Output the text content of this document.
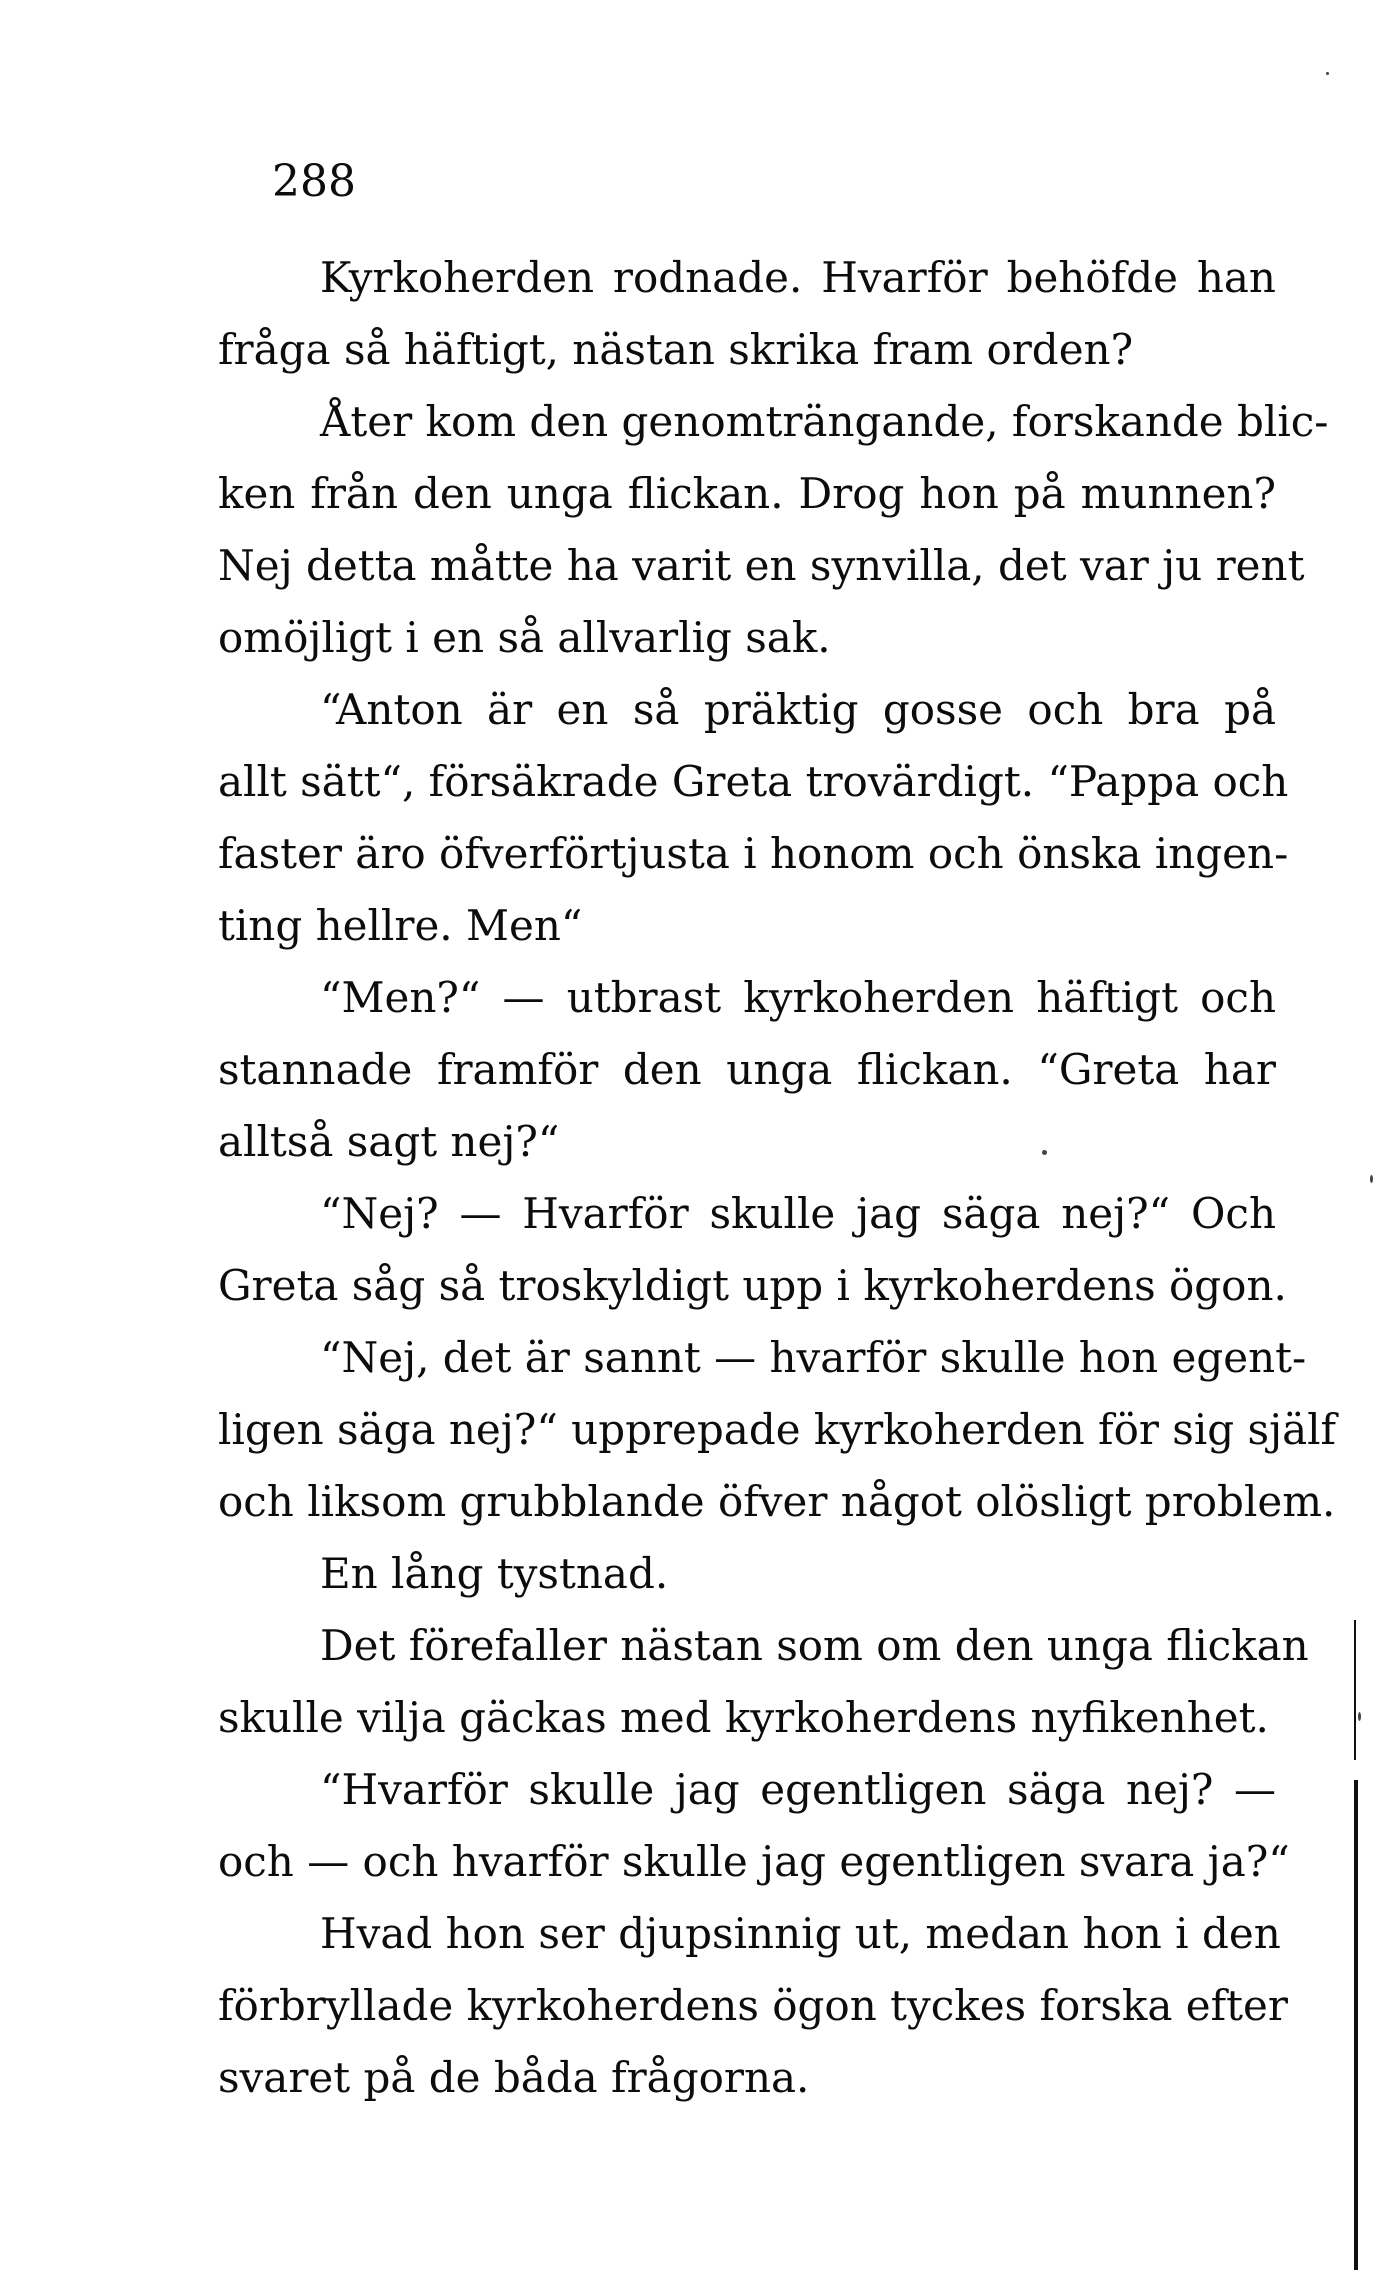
288
Kyrkoherden rodnade. Hvarför behöfde han
fråga så häftigt, nästan skrika fram orden?
Åter kom den genomträngande, forskande blic-
ken från den unga flickan. Drog hon på munnen?
Nej detta måtte ha varit en synvilla, det var ju rent
omöjligt i en så allvarlig sak.
“Anton är en så präktig gosse och bra på
allt sätt“, försäkrade Greta trovärdigt. “Pappa och
faster äro öfverförtjusta i honom och önska ingen-
ting hellre. Men“
“Men?“ — utbrast kyrkoherden häftigt och
stannade framför den unga flickan. “Greta har
alltså sagt nej?“
“Nej? — Hvarför skulle jag säga nej?“ Och
Greta såg så troskyldigt upp i kyrkoherdens ögon.
“Nej, det är sannt — hvarför skulle hon egent-
ligen säga nej?“ upprepade kyrkoherden för sig själf
och liksom grubblande öfver något olösligt problem.
En lång tystnad.
Det förefaller nästan som om den unga flickan
skulle vilja gäckas med kyrkoherdens nyfikenhet.
“Hvarför skulle jag egentligen säga nej? —
och — och hvarför skulle jag egentligen svara ja?“
Hvad hon ser djupsinnig ut, medan hon i den
förbryllade kyrkoherdens ögon tyckes forska efter
svaret på de båda frågorna.
